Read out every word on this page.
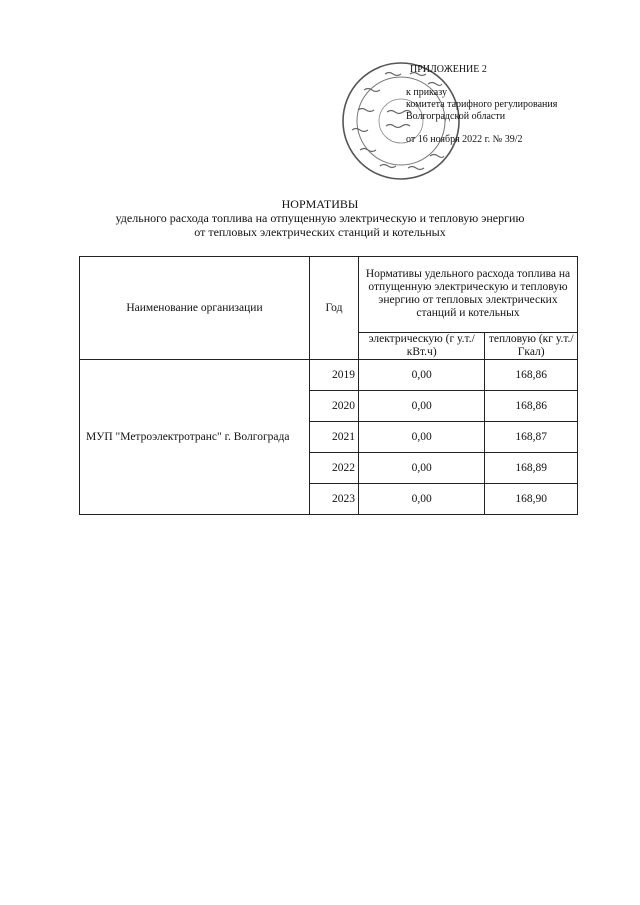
ПРИЛОЖЕНИЕ 2
к приказу
комитета тарифного регулирования
Волгоградской области
от 16 ноября 2022 г. № 39/2
НОРМАТИВЫ
удельного расхода топлива на отпущенную электрическую и тепловую энергию
от тепловых электрических станций и котельных
Наименование организации	Год	Нормативы удельного расхода топлива на отпущенную электрическую и тепловую энергию от тепловых электрических станций и котельных	
		электрическую (г у.т./кВт.ч)	тепловую (кг у.т./Гкал)
МУП "Метроэлектротранс" г. Волгограда	2019	0,00	168,86
	2020	0,00	168,86
	2021	0,00	168,87
	2022	0,00	168,89
	2023	0,00	168,90
